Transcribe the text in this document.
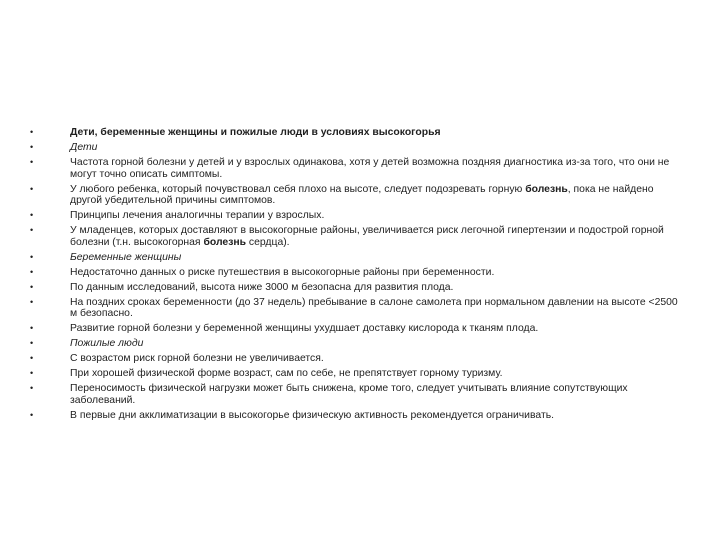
•	Дети, беременные женщины и пожилые люди в условиях высокогорья
•	Дети
•	Частота горной болезни у детей и у взрослых одинакова, хотя у детей возможна поздняя диагностика из-за того, что они не могут точно описать симптомы.
•	У любого ребенка, который почувствовал себя плохо на высоте, следует подозревать горную болезнь, пока не найдено другой убедительной причины симптомов.
•	Принципы лечения аналогичны терапии у взрослых.
•	У младенцев, которых доставляют в высокогорные районы, увеличивается риск легочной гипертензии и подострой горной болезни (т.н. высокогорная болезнь сердца).
•	Беременные женщины
•	Недостаточно данных о риске путешествия в высокогорные районы при беременности.
•	По данным исследований, высота ниже 3000 м безопасна для развития плода.
•	На поздних сроках беременности (до 37 недель) пребывание в салоне самолета при нормальном давлении на высоте <2500 м безопасно.
•	Развитие горной болезни у беременной женщины ухудшает доставку кислорода к тканям плода.
•	Пожилые люди
•	С возрастом риск горной болезни не увеличивается.
•	При хорошей физической форме возраст, сам по себе, не препятствует горному туризму.
•	Переносимость физической нагрузки может быть снижена, кроме того, следует учитывать влияние сопутствующих заболеваний.
•	В первые дни акклиматизации в высокогорье физическую активность рекомендуется ограничивать.
